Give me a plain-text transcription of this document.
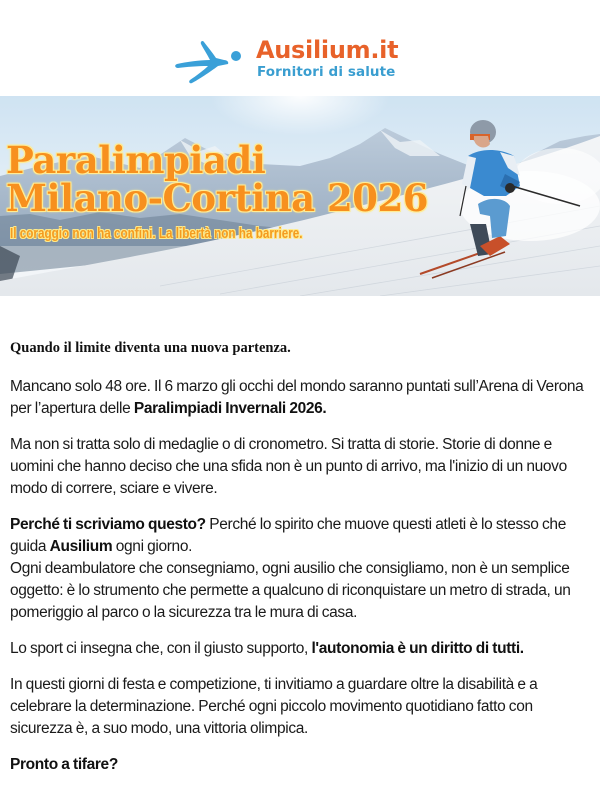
Ausilium.it
Fornitori di salute
Paralimpiadi
Milano-Cortina 2026
Il coraggio non ha confini. La libertà non ha barriere.
Quando il limite diventa una nuova partenza.

Mancano solo 48 ore. Il 6 marzo gli occhi del mondo saranno puntati sull’Arena di Verona per l’apertura delle Paralimpiadi Invernali 2026.

Ma non si tratta solo di medaglie o di cronometro. Si tratta di storie. Storie di donne e uomini che hanno deciso che una sfida non è un punto di arrivo, ma l'inizio di un nuovo modo di correre, sciare e vivere.

Perché ti scriviamo questo? Perché lo spirito che muove questi atleti è lo stesso che guida Ausilium ogni giorno.
Ogni deambulatore che consegniamo, ogni ausilio che consigliamo, non è un semplice oggetto: è lo strumento che permette a qualcuno di riconquistare un metro di strada, un pomeriggio al parco o la sicurezza tra le mura di casa.

Lo sport ci insegna che, con il giusto supporto, l'autonomia è un diritto di tutti.

In questi giorni di festa e competizione, ti invitiamo a guardare oltre la disabilità e a celebrare la determinazione. Perché ogni piccolo movimento quotidiano fatto con sicurezza è, a suo modo, una vittoria olimpica.

Pronto a tifare?
